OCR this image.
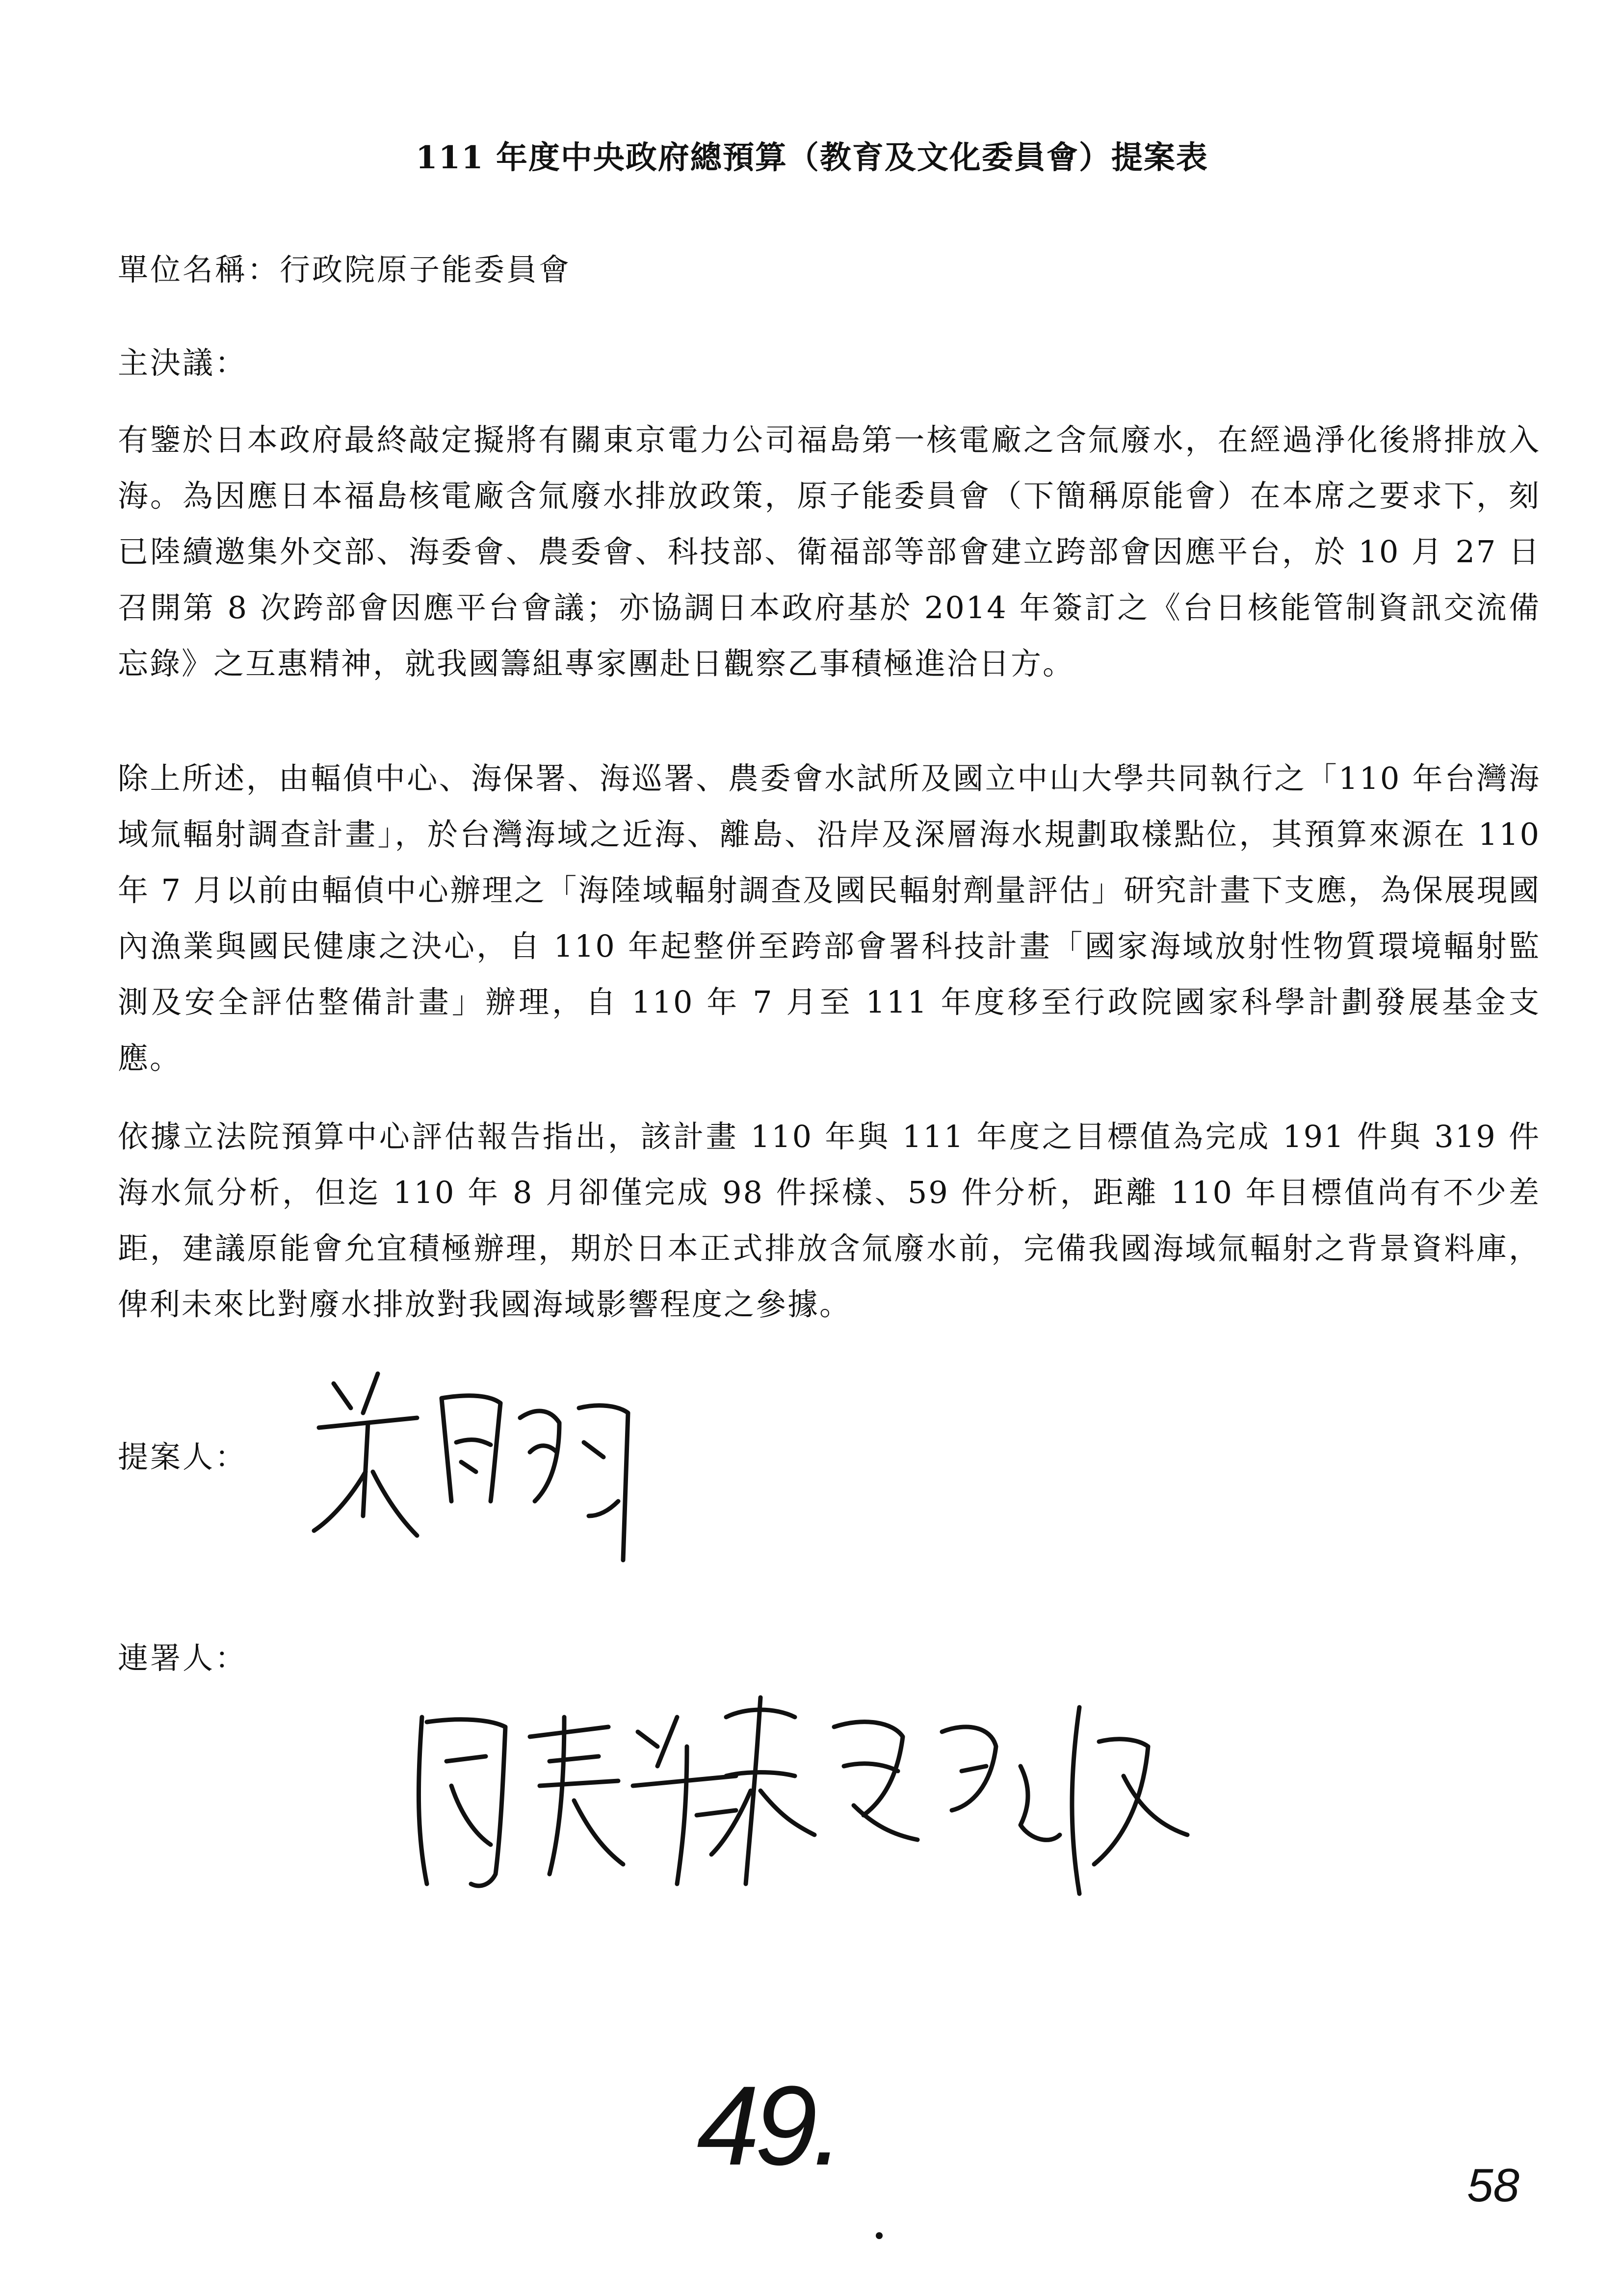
111 年度中央政府總預算（教育及文化委員會）提案表
單位名稱：行政院原子能委員會
主決議：

有鑒於日本政府最終敲定擬將有關東京電力公司福島第一核電廠之含氚廢水，在經過淨化後將排放入海。為因應日本福島核電廠含氚廢水排放政策，原子能委員會（下簡稱原能會）在本席之要求下，刻已陸續邀集外交部、海委會、農委會、科技部、衛福部等部會建立跨部會因應平台，於 10 月 27 日召開第 8 次跨部會因應平台會議；亦協調日本政府基於 2014 年簽訂之《台日核能管制資訊交流備忘錄》之互惠精神，就我國籌組專家團赴日觀察乙事積極進洽日方。

除上所述，由輻偵中心、海保署、海巡署、農委會水試所及國立中山大學共同執行之「110 年台灣海域氚輻射調查計畫」，於台灣海域之近海、離島、沿岸及深層海水規劃取樣點位，其預算來源在 110 年 7 月以前由輻偵中心辦理之「海陸域輻射調查及國民輻射劑量評估」研究計畫下支應，為保展現國內漁業與國民健康之決心，自 110 年起整併至跨部會署科技計畫「國家海域放射性物質環境輻射監測及安全評估整備計畫」辦理，自 110 年 7 月至 111 年度移至行政院國家科學計劃發展基金支應。

依據立法院預算中心評估報告指出，該計畫 110 年與 111 年度之目標值為完成 191 件與 319 件海水氚分析，但迄 110 年 8 月卻僅完成 98 件採樣、59 件分析，距離 110 年目標值尚有不少差距，建議原能會允宜積極辦理，期於日本正式排放含氚廢水前，完備我國海域氚輻射之背景資料庫，俾利未來比對廢水排放對我國海域影響程度之參據。

提案人：
連署人：
49.	58
